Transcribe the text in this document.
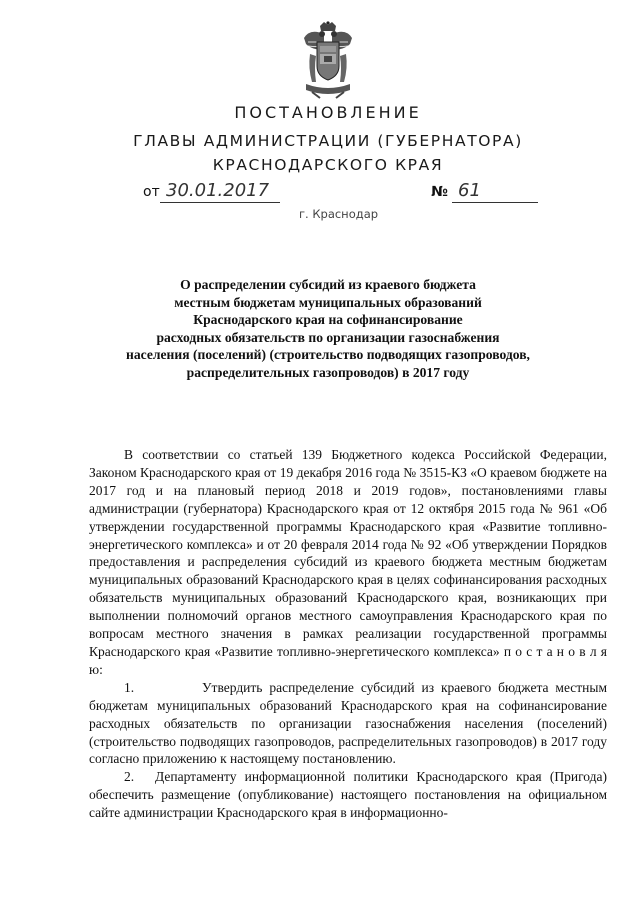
ПОСТАНОВЛЕНИЕ
ГЛАВЫ АДМИНИСТРАЦИИ (ГУБЕРНАТОРА)
КРАСНОДАРСКОГО КРАЯ
от 30.01.2017	№ 61
г. Краснодар
О распределении субсидий из краевого бюджета
местным бюджетам муниципальных образований
Краснодарского края на софинансирование
расходных обязательств по организации газоснабжения
населения (поселений) (строительство подводящих газопроводов,
распределительных газопроводов) в 2017 году

В соответствии со статьей 139 Бюджетного кодекса Российской Федерации, Законом Краснодарского края от 19 декабря 2016 года № 3515-КЗ «О краевом бюджете на 2017 год и на плановый период 2018 и 2019 годов», постановлениями главы администрации (губернатора) Краснодарского края от 12 октября 2015 года № 961 «Об утверждении государственной программы Краснодарского края «Развитие топливно-энергетического комплекса» и от 20 февраля 2014 года № 92 «Об утверждении Порядков предоставления и распределения субсидий из краевого бюджета местным бюджетам муниципальных образований Краснодарского края в целях софинансирования расходных обязательств муниципальных образований Краснодарского края, возникающих при выполнении полномочий органов местного самоуправления Краснодарского края по вопросам местного значения в рамках реализации государственной программы Краснодарского края «Развитие топливно-энергетического комплекса» п о с т а н о в л я ю:

1.	Утвердить распределение субсидий из краевого бюджета местным бюджетам муниципальных образований Краснодарского края на софинансирование расходных обязательств по организации газоснабжения населения (поселений) (строительство подводящих газопроводов, распределительных газопроводов) в 2017 году согласно приложению к настоящему постановлению.

2. Департаменту информационной политики Краснодарского края (Пригода) обеспечить размещение (опубликование) настоящего постановления на официальном сайте администрации Краснодарского края в информационно-
